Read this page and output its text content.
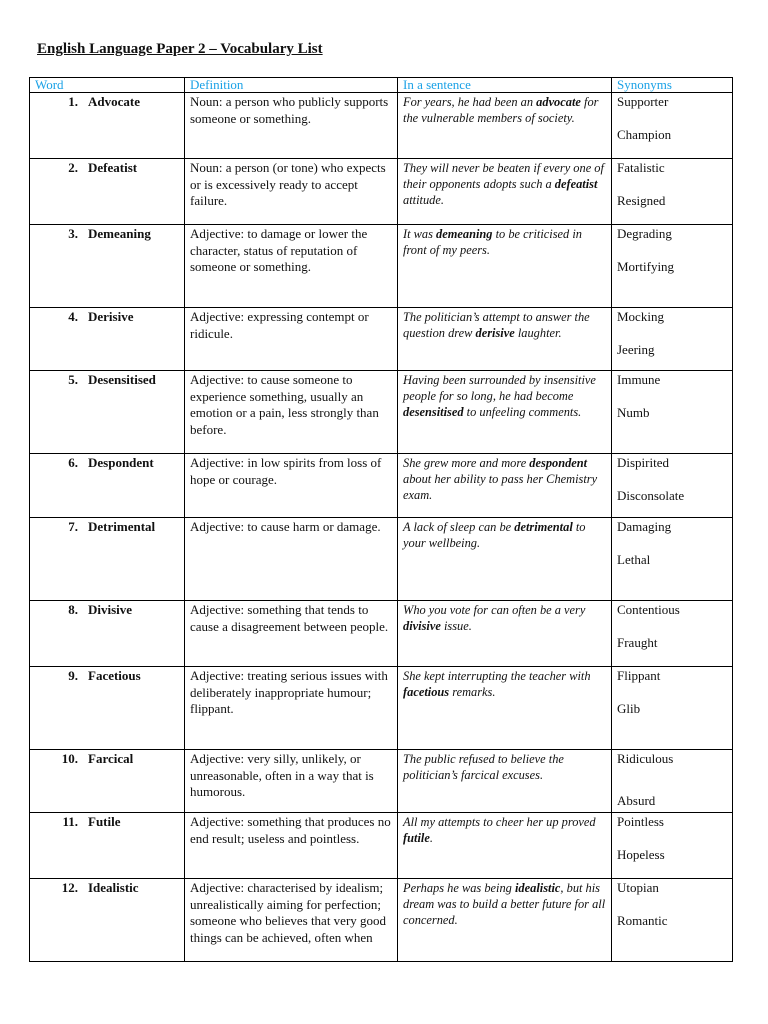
English Language Paper 2 – Vocabulary List
Word	Definition	In a sentence	Synonyms
1. Advocate	Noun: a person who publicly supports someone or something.	For years, he had been an advocate for the vulnerable members of society.	Supporter
Champion

2. Defeatist	Noun: a person (or tone) who expects or is excessively ready to accept failure.	They will never be beaten if every one of their opponents adopts such a defeatist attitude.	Fatalistic
Resigned

3. Demeaning	Adjective: to damage or lower the character, status of reputation of someone or something.	It was demeaning to be criticised in front of my peers.	Degrading
Mortifying

4. Derisive	Adjective: expressing contempt or ridicule.	The politician’s attempt to answer the question drew derisive laughter.	Mocking
Jeering

5. Desensitised	Adjective: to cause someone to experience something, usually an emotion or a pain, less strongly than before.	Having been surrounded by insensitive people for so long, he had become desensitised to unfeeling comments.	Immune
Numb

6. Despondent	Adjective: in low spirits from loss of hope or courage.	She grew more and more despondent about her ability to pass her Chemistry exam.	Dispirited
Disconsolate

7. Detrimental	Adjective: to cause harm or damage.	A lack of sleep can be detrimental to your wellbeing.	Damaging
Lethal

8. Divisive	Adjective: something that tends to cause a disagreement between people.	Who you vote for can often be a very divisive issue.	Contentious
Fraught

9. Facetious	Adjective: treating serious issues with deliberately inappropriate humour; flippant.	She kept interrupting the teacher with facetious remarks.	Flippant
Glib

10. Farcical	Adjective: very silly, unlikely, or unreasonable, often in a way that is humorous.	The public refused to believe the politician’s farcical excuses.	Ridiculous
Absurd

11. Futile	Adjective: something that produces no end result; useless and pointless.	All my attempts to cheer her up proved futile.	Pointless
Hopeless

12. Idealistic	Adjective: characterised by idealism; unrealistically aiming for perfection; someone who believes that very good things can be achieved, often when	Perhaps he was being idealistic, but his dream was to build a better future for all concerned.	Utopian
Romantic
